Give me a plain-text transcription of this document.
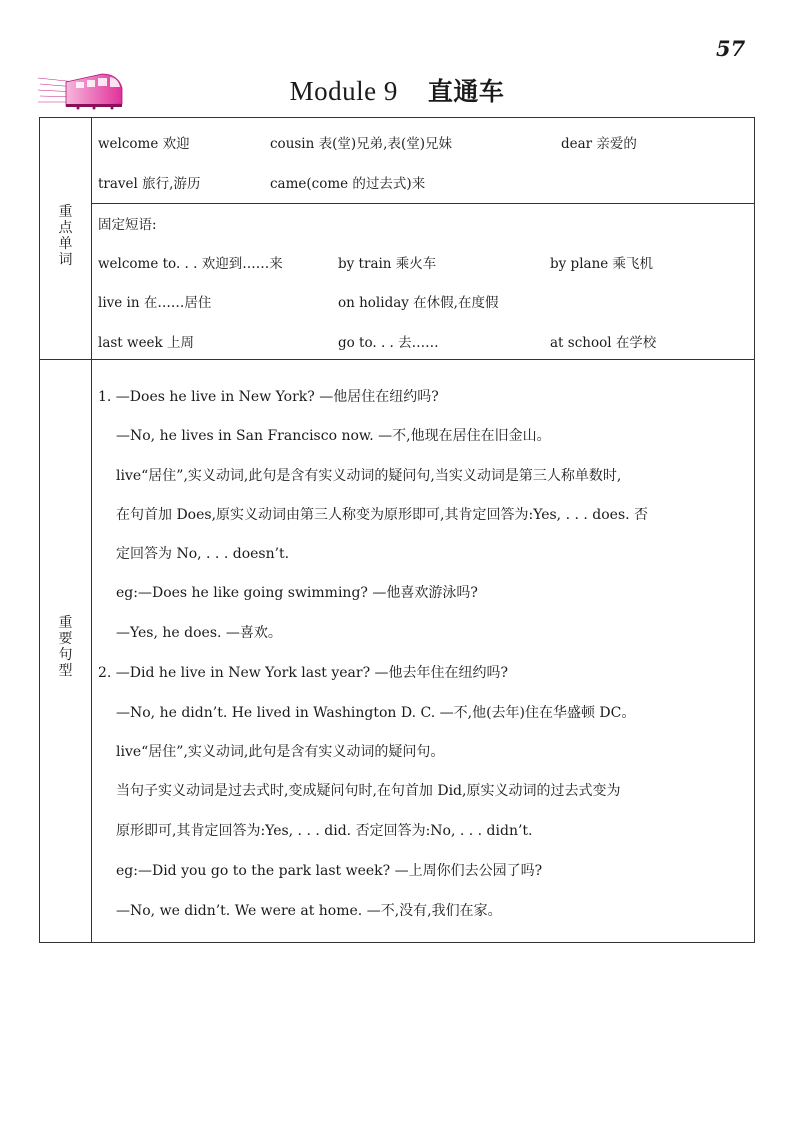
57
Module 9 直通车
重
点
单
词
welcome 欢迎	cousin 表(堂)兄弟,表(堂)兄妹	dear 亲爱的
travel 旅行,游历	came(come 的过去式)来
固定短语:
welcome to. . . 欢迎到……来	by train 乘火车	by plane 乘飞机
live in 在……居住	on holiday 在休假,在度假
last week 上周	go to. . . 去……	at school 在学校
重
要
句
型
1. —Does he live in New York? —他居住在纽约吗?
—No, he lives in San Francisco now. —不,他现在居住在旧金山。
live“居住”,实义动词,此句是含有实义动词的疑问句,当实义动词是第三人称单数时,
在句首加 Does,原实义动词由第三人称变为原形即可,其肯定回答为:Yes, . . . does. 否
定回答为 No, . . . doesn’t.
eg:—Does he like going swimming? —他喜欢游泳吗?
—Yes, he does. —喜欢。
2. —Did he live in New York last year? —他去年住在纽约吗?
—No, he didn’t. He lived in Washington D. C. —不,他(去年)住在华盛顿 DC。
live“居住”,实义动词,此句是含有实义动词的疑问句。
当句子实义动词是过去式时,变成疑问句时,在句首加 Did,原实义动词的过去式变为
原形即可,其肯定回答为:Yes, . . . did. 否定回答为:No, . . . didn’t.
eg:—Did you go to the park last week? —上周你们去公园了吗?
—No, we didn’t. We were at home. —不,没有,我们在家。
